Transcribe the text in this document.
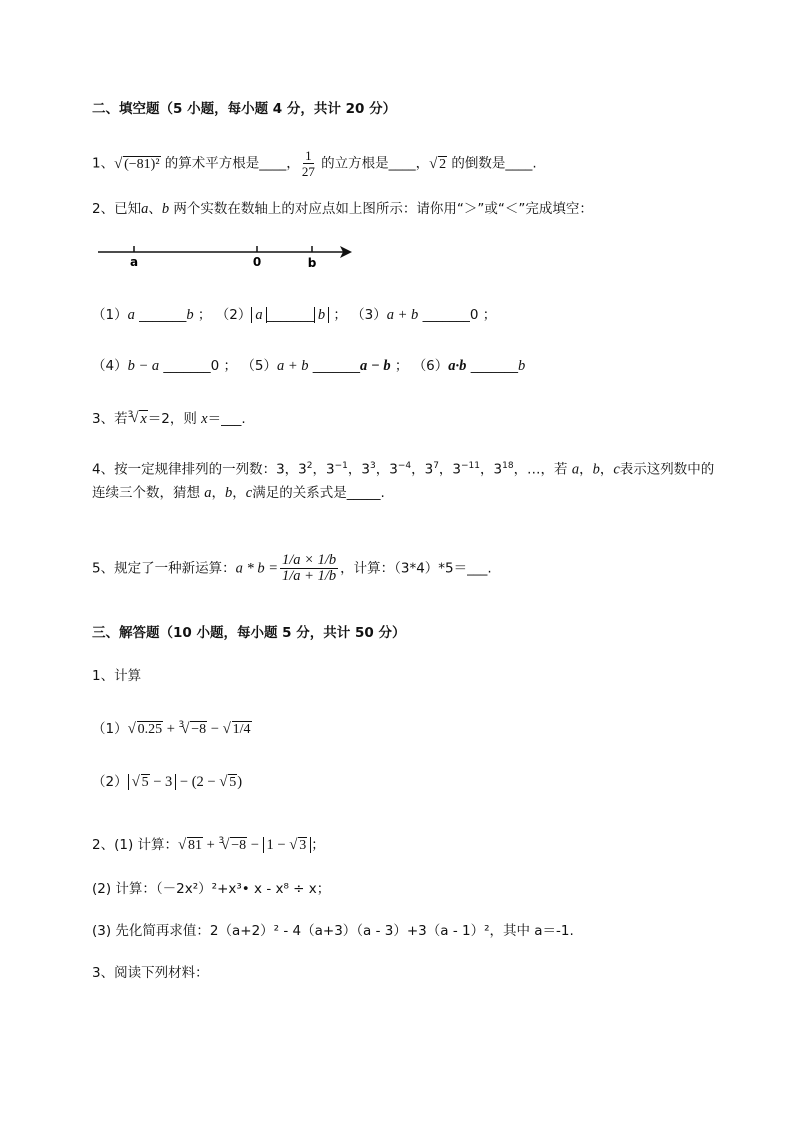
二、填空题（5 小题，每小题 4 分，共计 20 分）
1、 √ (−81)² 的算术平方根是____， $\frac{1}{27}$ 的立方根是____， √ 2 的倒数是____.
2、已知a、b 两个实数在数轴上的对应点如上图所示：请你用“＞”或“＜”完成填空：
a	0	b
（1）a _______b ； （2） a _______ b ； （3）a + b _______0 ；
（4）b − a _______0 ； （5）a + b _______a − b ； （6）a·b _______b
3、若$^3$ √ x＝2，则 x＝___.
4、按一定规律排列的一列数：3，$3^2$，$3^{-1}$，$3^3$，$3^{-4}$，$3^7$，$3^{-11}$，$3^{18}$，…，若 a，b，c表示这列数中的
连续三个数，猜想 a，b，c满足的关系式是_____.
5、规定了一种新运算：$a * b = \frac{1/a \times 1/b}{1/a + 1/b}$ ，计算：（3*4）*5＝___.
三、解答题（10 小题，每小题 5 分，共计 50 分）
1、计算
（1） √ 0.25 + $^3$ √ −8 − √ 1/4
（2） √ 5 − 3 − (2 − √ 5)
2、(1) 计算： √ 81 + $^3$ √ −8 − 1 − √ 3 ；
(2) 计算：（－2x²）²+x³• x - x⁸ ÷ x；
(3) 先化简再求值：2（a+2）² - 4（a+3）（a - 3）+3（a - 1）²，其中 a＝-1.
3、阅读下列材料：
